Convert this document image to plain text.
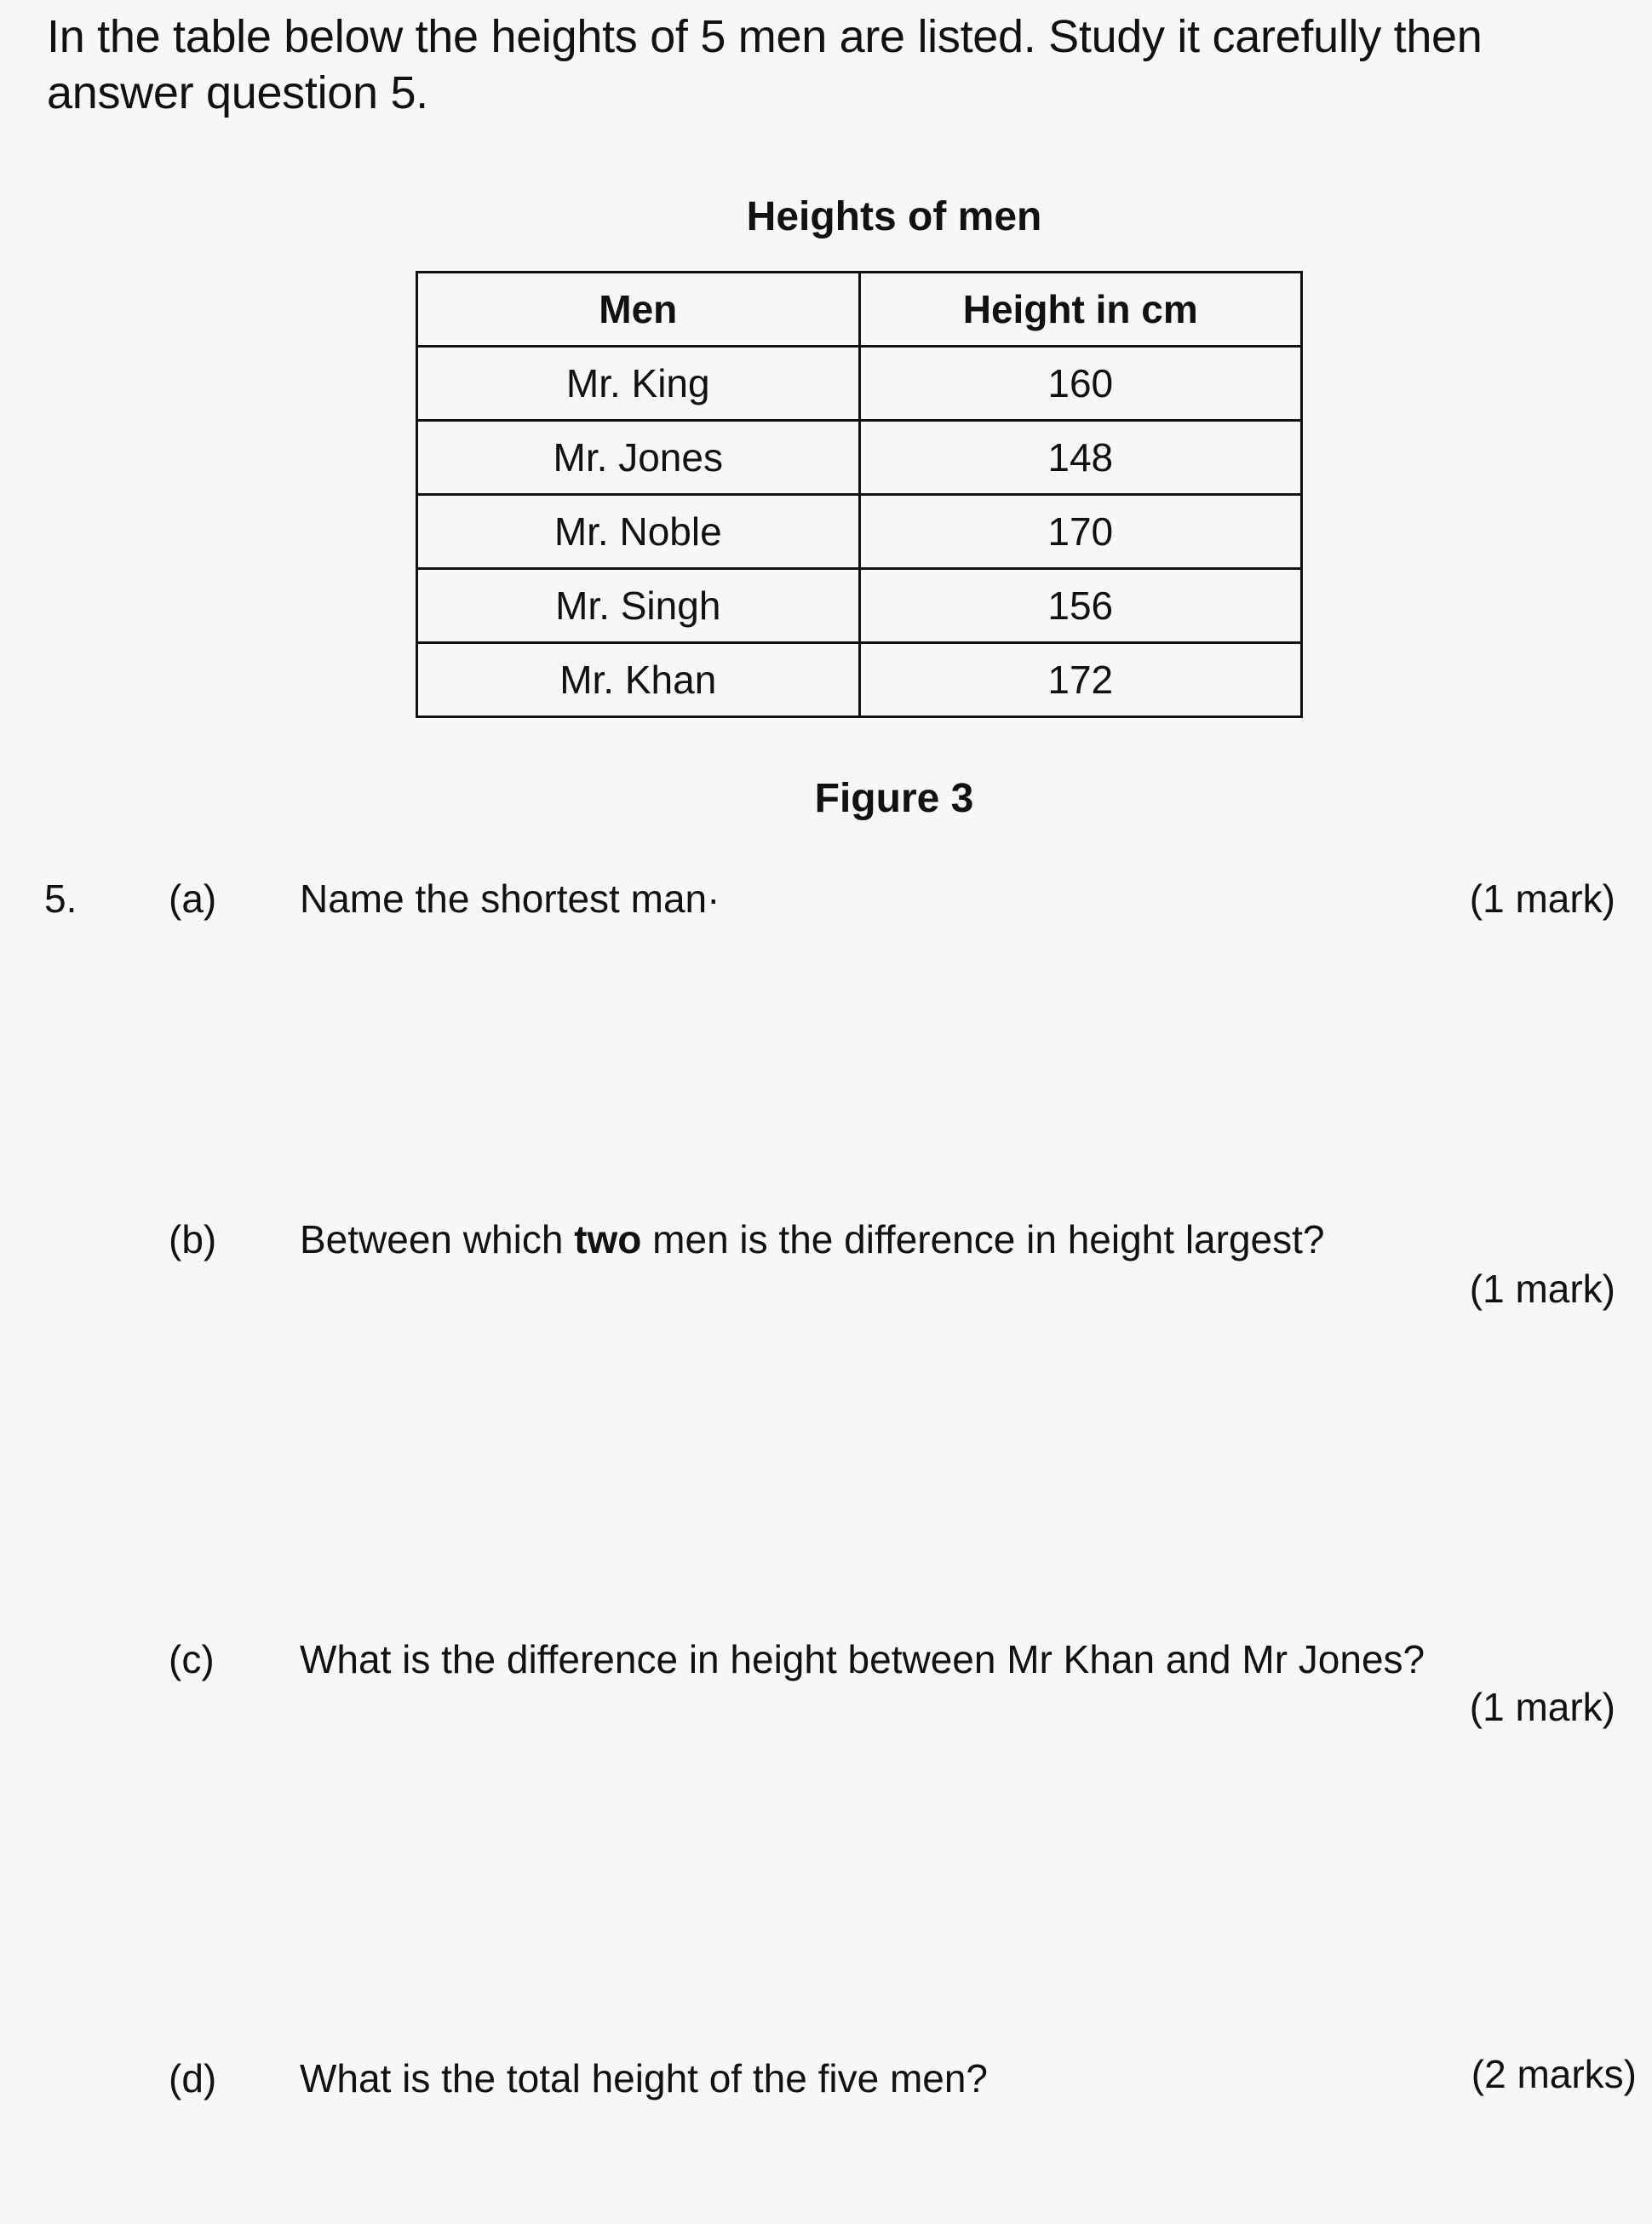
In the table below the heights of 5 men are listed. Study it carefully then answer question 5.
Heights of men
Men	Height in cm
Mr. King	160
Mr. Jones	148
Mr. Noble	170
Mr. Singh	156
Mr. Khan	172
Figure 3
5. (a) Name the shortest man·	(1 mark)
(b) Between which two men is the difference in height largest?
(1 mark)
(c) What is the difference in height between Mr Khan and Mr Jones?
(1 mark)
(d) What is the total height of the five men?	(2 marks)
